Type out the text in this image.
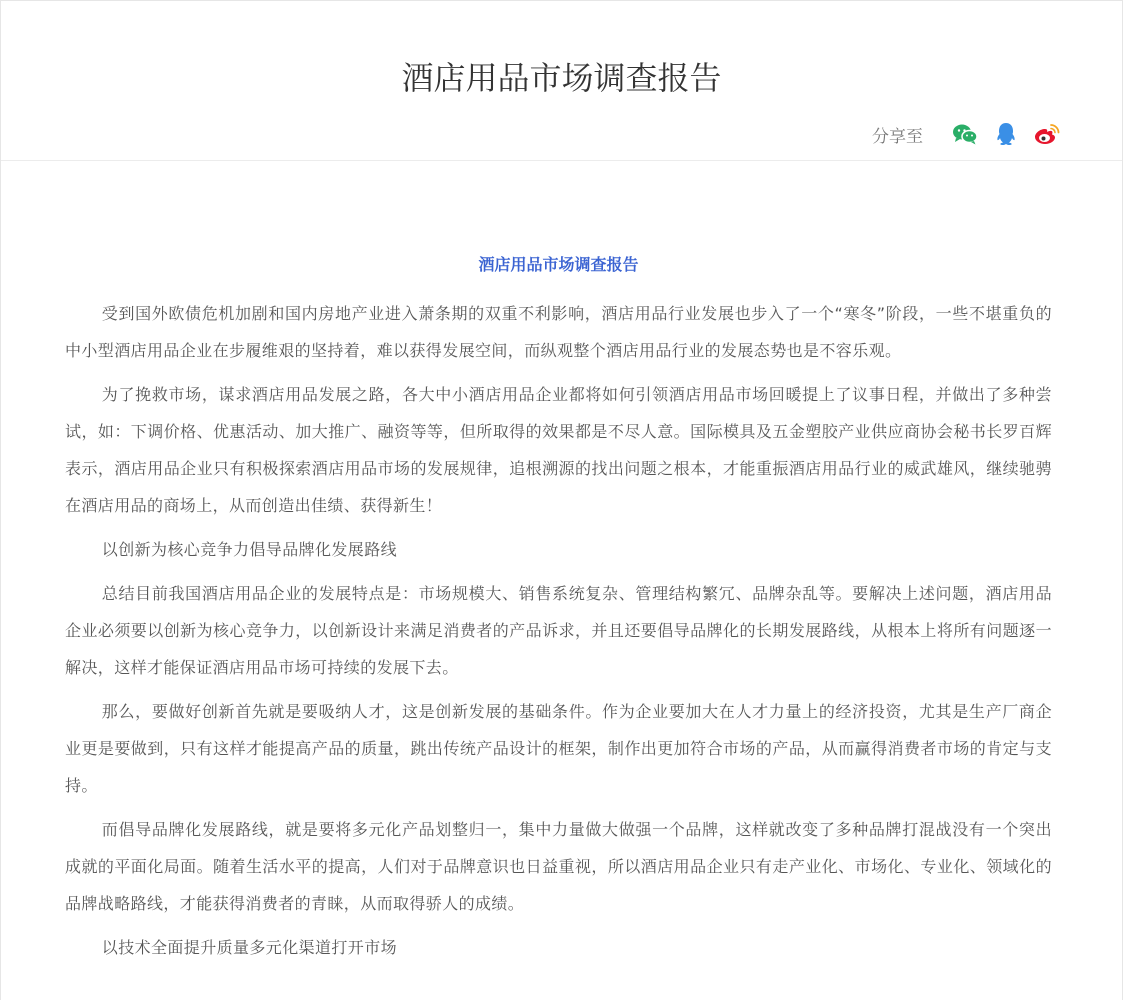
酒店用品市场调查报告
分享至
酒店用品市场调查报告

受到国外欧债危机加剧和国内房地产业进入萧条期的双重不利影响，酒店用品行业发展也步入了一个“寒冬”阶段，一些不堪重负的中小型酒店用品企业在步履维艰的坚持着，难以获得发展空间，而纵观整个酒店用品行业的发展态势也是不容乐观。

为了挽救市场，谋求酒店用品发展之路，各大中小酒店用品企业都将如何引领酒店用品市场回暖提上了议事日程，并做出了多种尝试，如：下调价格、优惠活动、加大推广、融资等等，但所取得的效果都是不尽人意。国际模具及五金塑胶产业供应商协会秘书长罗百辉表示，酒店用品企业只有积极探索酒店用品市场的发展规律，追根溯源的找出问题之根本，才能重振酒店用品行业的威武雄风，继续驰骋在酒店用品的商场上，从而创造出佳绩、获得新生！

以创新为核心竞争力倡导品牌化发展路线

总结目前我国酒店用品企业的发展特点是：市场规模大、销售系统复杂、管理结构繁冗、品牌杂乱等。要解决上述问题，酒店用品企业必须要以创新为核心竞争力，以创新设计来满足消费者的产品诉求，并且还要倡导品牌化的长期发展路线，从根本上将所有问题逐一解决，这样才能保证酒店用品市场可持续的发展下去。

那么，要做好创新首先就是要吸纳人才，这是创新发展的基础条件。作为企业要加大在人才力量上的经济投资，尤其是生产厂商企业更是要做到，只有这样才能提高产品的质量，跳出传统产品设计的框架，制作出更加符合市场的产品，从而赢得消费者市场的肯定与支持。

而倡导品牌化发展路线，就是要将多元化产品划整归一，集中力量做大做强一个品牌，这样就改变了多种品牌打混战没有一个突出成就的平面化局面。随着生活水平的提高，人们对于品牌意识也日益重视，所以酒店用品企业只有走产业化、市场化、专业化、领域化的品牌战略路线，才能获得消费者的青睐，从而取得骄人的成绩。

以技术全面提升质量多元化渠道打开市场
